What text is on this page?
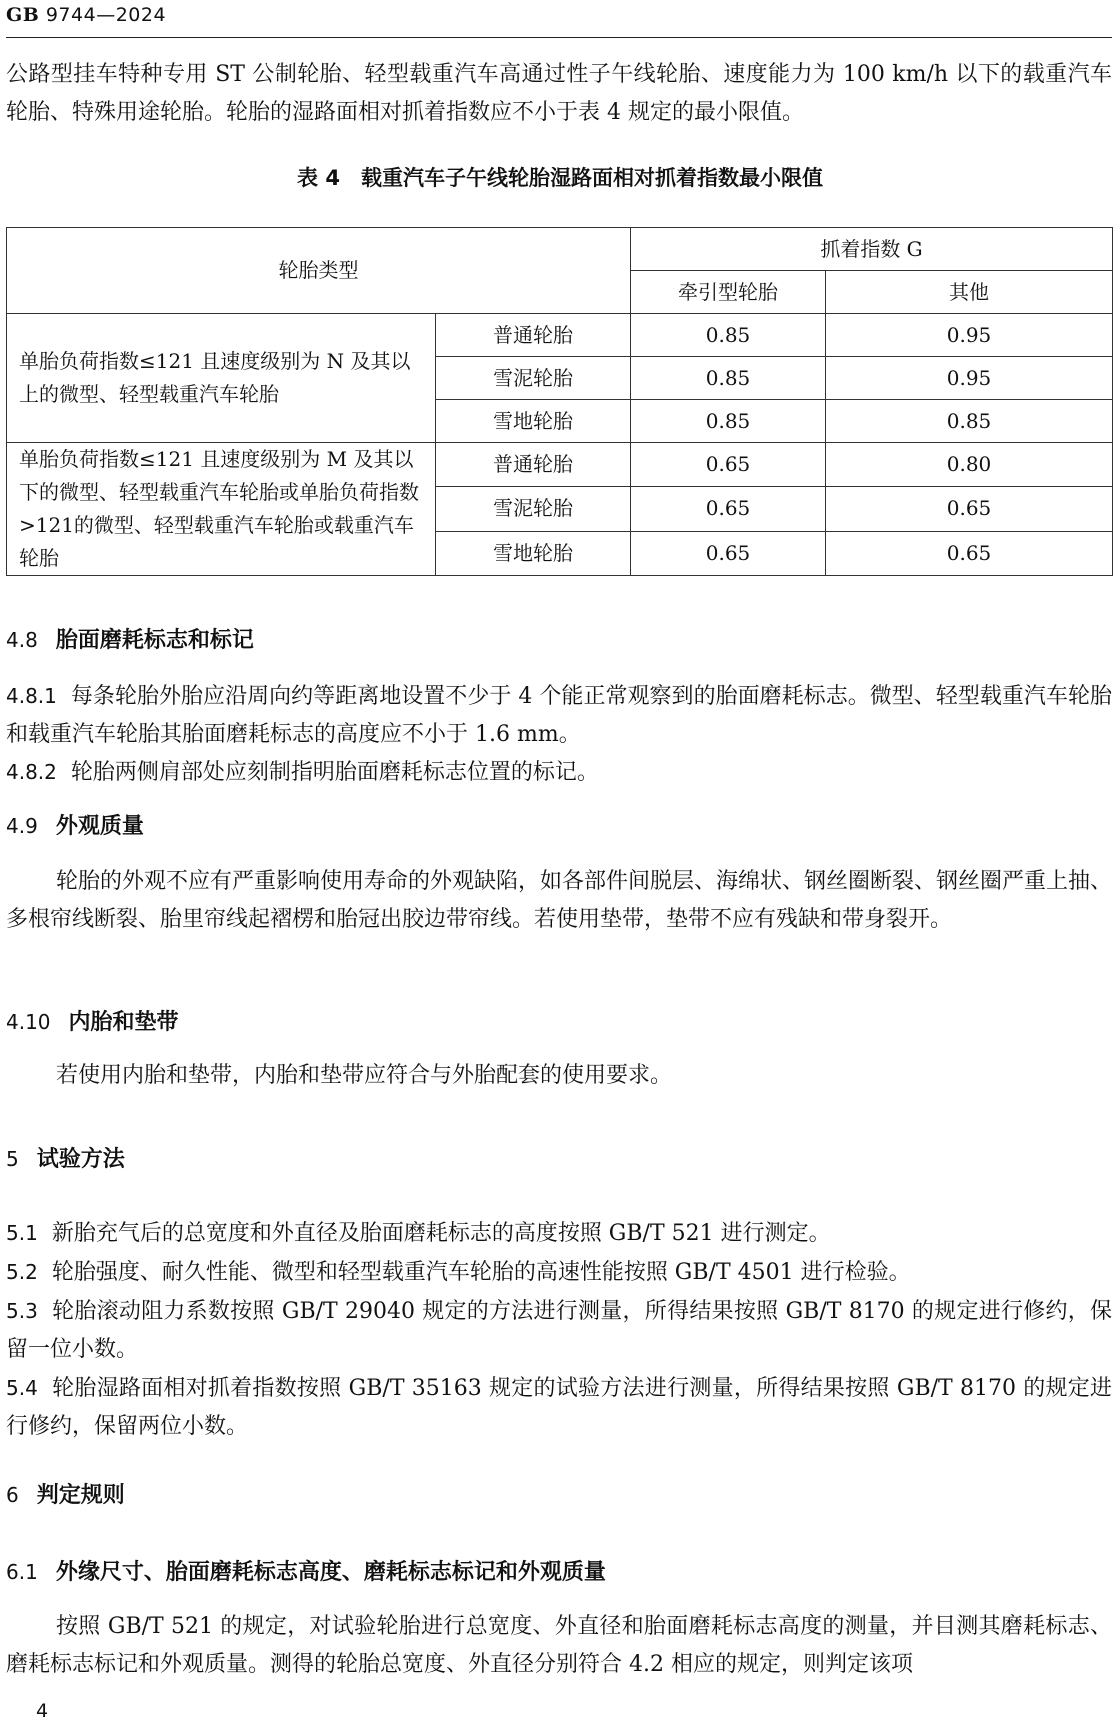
GB 9744—2024

公路型挂车特种专用 ST 公制轮胎、轻型载重汽车高通过性子午线轮胎、速度能力为 100 km/h 以下的载重汽车轮胎、特殊用途轮胎。轮胎的湿路面相对抓着指数应不小于表 4 规定的最小限值。

表 4　载重汽车子午线轮胎湿路面相对抓着指数最小限值
轮胎类型		抓着指数 G	
		牵引型轮胎	其他
单胎负荷指数≤121 且速度级别为 N 及其以上的微型、轻型载重汽车轮胎	普通轮胎	0.85	0.95
	雪泥轮胎	0.85	0.95
	雪地轮胎	0.85	0.85
单胎负荷指数≤121 且速度级别为 M 及其以下的微型、轻型载重汽车轮胎或单胎负荷指数>121的微型、轻型载重汽车轮胎或载重汽车轮胎	普通轮胎	0.65	0.80
	雪泥轮胎	0.65	0.65
	雪地轮胎	0.65	0.65
4.8 胎面磨耗标志和标记

4.8.1 每条轮胎外胎应沿周向约等距离地设置不少于 4 个能正常观察到的胎面磨耗标志。微型、轻型载重汽车轮胎和载重汽车轮胎其胎面磨耗标志的高度应不小于 1.6 mm。

4.8.2 轮胎两侧肩部处应刻制指明胎面磨耗标志位置的标记。

4.9 外观质量

轮胎的外观不应有严重影响使用寿命的外观缺陷，如各部件间脱层、海绵状、钢丝圈断裂、钢丝圈严重上抽、多根帘线断裂、胎里帘线起褶楞和胎冠出胶边带帘线。若使用垫带，垫带不应有残缺和带身裂开。

4.10 内胎和垫带

若使用内胎和垫带，内胎和垫带应符合与外胎配套的使用要求。

5 试验方法

5.1 新胎充气后的总宽度和外直径及胎面磨耗标志的高度按照 GB/T 521 进行测定。

5.2 轮胎强度、耐久性能、微型和轻型载重汽车轮胎的高速性能按照 GB/T 4501 进行检验。

5.3 轮胎滚动阻力系数按照 GB/T 29040 规定的方法进行测量，所得结果按照 GB/T 8170 的规定进行修约，保留一位小数。

5.4 轮胎湿路面相对抓着指数按照 GB/T 35163 规定的试验方法进行测量，所得结果按照 GB/T 8170 的规定进行修约，保留两位小数。

6 判定规则
6.1 外缘尺寸、胎面磨耗标志高度、磨耗标志标记和外观质量

按照 GB/T 521 的规定，对试验轮胎进行总宽度、外直径和胎面磨耗标志高度的测量，并目测其磨耗标志、磨耗标志标记和外观质量。测得的轮胎总宽度、外直径分别符合 4.2 相应的规定，则判定该项

4
